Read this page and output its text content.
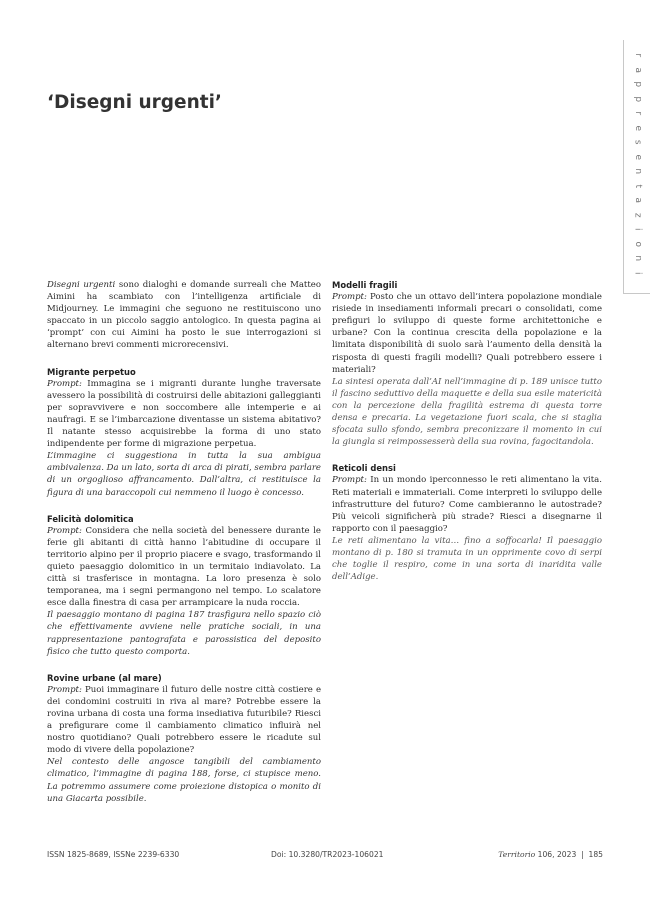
r
a
p
p
r
e
s
e
n
t
a
z
i
o
n
i
‘Disegni urgenti’

Disegni urgenti sono dialoghi e domande surreali che Matteo Aimini ha scambiato con l’intelligenza artificiale di Midjourney. Le immagini che seguono ne restituiscono uno spaccato in un piccolo saggio antologico. In questa pagina ai ‘prompt’ con cui Aimini ha posto le sue interrogazioni si alternano brevi commenti microrecensivi.

Migrante perpetuo

Prompt: Immagina se i migranti durante lunghe traversate avessero la possibilità di costruirsi delle abitazioni galleggianti per sopravvivere e non soccombere alle intemperie e ai naufragi. E se l’imbarcazione diventasse un sistema abitativo? Il natante stesso acquisirebbe la forma di uno stato indipendente per forme di migrazione perpetua.

L’immagine ci suggestiona in tutta la sua ambigua ambivalenza. Da un lato, sorta di arca di pirati, sembra parlare di un orgoglioso affrancamento. Dall’altra, ci restituisce la figura di una baraccopoli cui nemmeno il luogo è concesso.

Felicità dolomitica

Prompt: Considera che nella società del benessere durante le ferie gli abitanti di città hanno l’abitudine di occupare il territorio alpino per il proprio piacere e svago, trasformando il quieto paesaggio dolomitico in un termitaio indiavolato. La città si trasferisce in montagna. La loro presenza è solo temporanea, ma i segni permangono nel tempo. Lo scalatore esce dalla finestra di casa per arrampicare la nuda roccia.

Il paesaggio montano di pagina 187 trasfigura nello spazio ciò che effettivamente avviene nelle pratiche sociali, in una rappresentazione pantografata e parossistica del deposito fisico che tutto questo comporta.

Rovine urbane (al mare)

Prompt: Puoi immaginare il futuro delle nostre città costiere e dei condomini costruiti in riva al mare? Potrebbe essere la rovina urbana di costa una forma insediativa futuribile? Riesci a prefigurare come il cambiamento climatico influirà nel nostro quotidiano? Quali potrebbero essere le ricadute sul modo di vivere della popolazione?

Nel contesto delle angosce tangibili del cambiamento climatico, l’immagine di pagina 188, forse, ci stupisce meno. La potremmo assumere come proiezione distopica o monito di una Giacarta possibile.

Modelli fragili

Prompt: Posto che un ottavo dell’intera popolazione mondiale risiede in insediamenti informali precari o consolidati, come prefiguri lo sviluppo di queste forme architettoniche e urbane? Con la continua crescita della popolazione e la limitata disponibilità di suolo sarà l’aumento della densità la risposta di questi fragili modelli? Quali potrebbero essere i materiali?

La sintesi operata dall’AI nell’immagine di p. 189 unisce tutto il fascino seduttivo della maquette e della sua esile matericità con la percezione della fragilità estrema di questa torre densa e precaria. La vegetazione fuori scala, che si staglia sfocata sullo sfondo, sembra preconizzare il momento in cui la giungla si reimpossesserà della sua rovina, fagocitandola.

Reticoli densi

Prompt: In un mondo iperconnesso le reti alimentano la vita. Reti materiali e immateriali. Come interpreti lo sviluppo delle infrastrutture del futuro? Come cambieranno le autostrade? Più veicoli significherà più strade? Riesci a disegnarne il rapporto con il paesaggio?

Le reti alimentano la vita… fino a soffocarla! Il paesaggio montano di p. 180 si tramuta in un opprimente covo di serpi che toglie il respiro, come in una sorta di inaridita valle dell’Adige.

ISSN 1825-8689, ISSNe 2239-6330	Doi: 10.3280/TR2023-106021	Territorio 106, 2023  |  185
